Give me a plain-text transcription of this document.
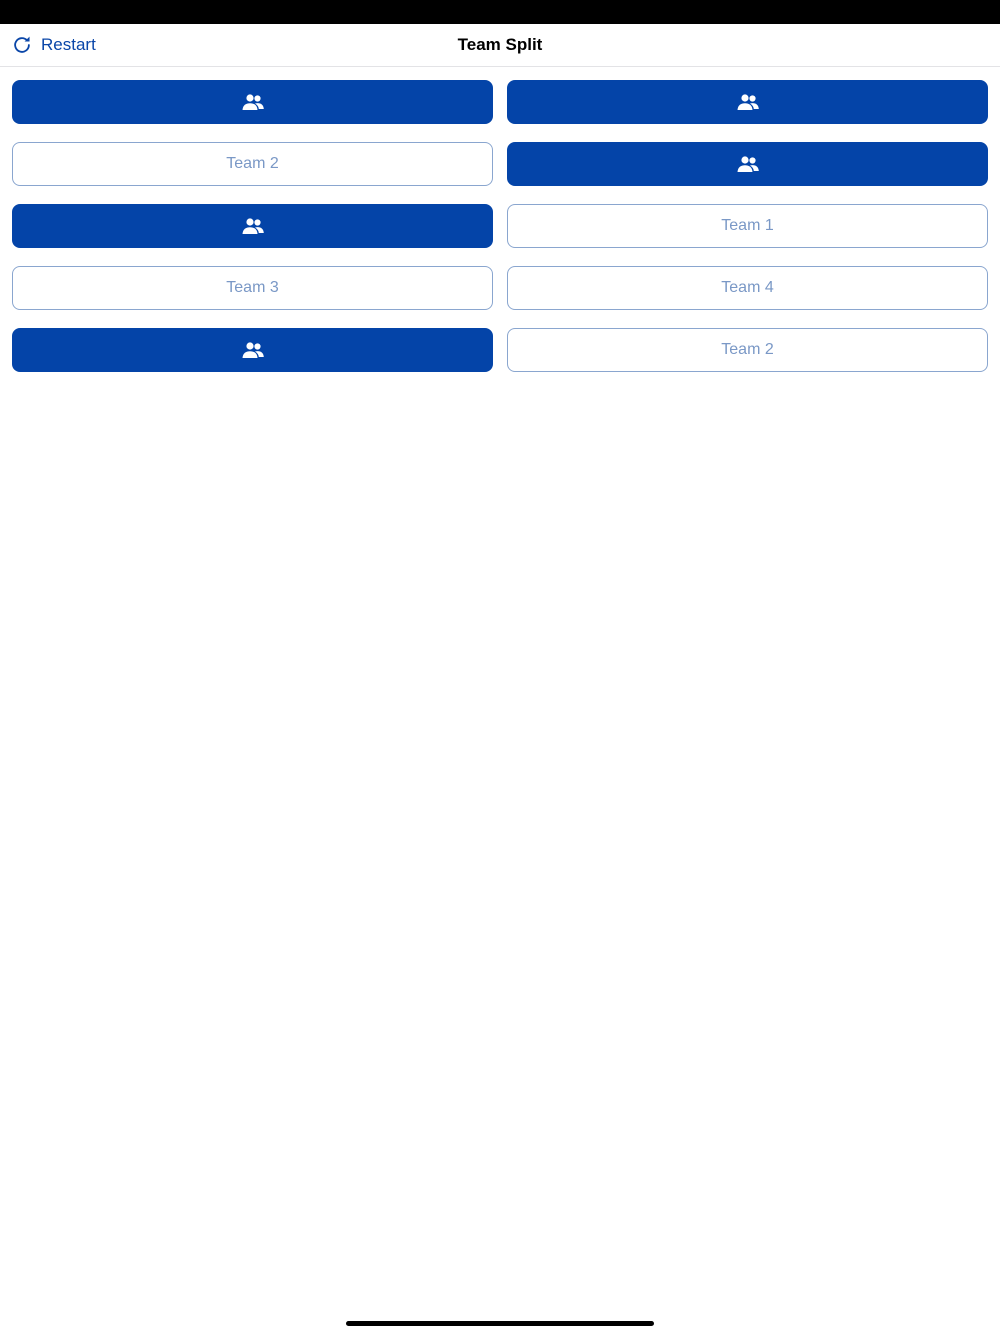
Restart	Team Split
Team 2
Team 1
Team 3	Team 4
Team 2
